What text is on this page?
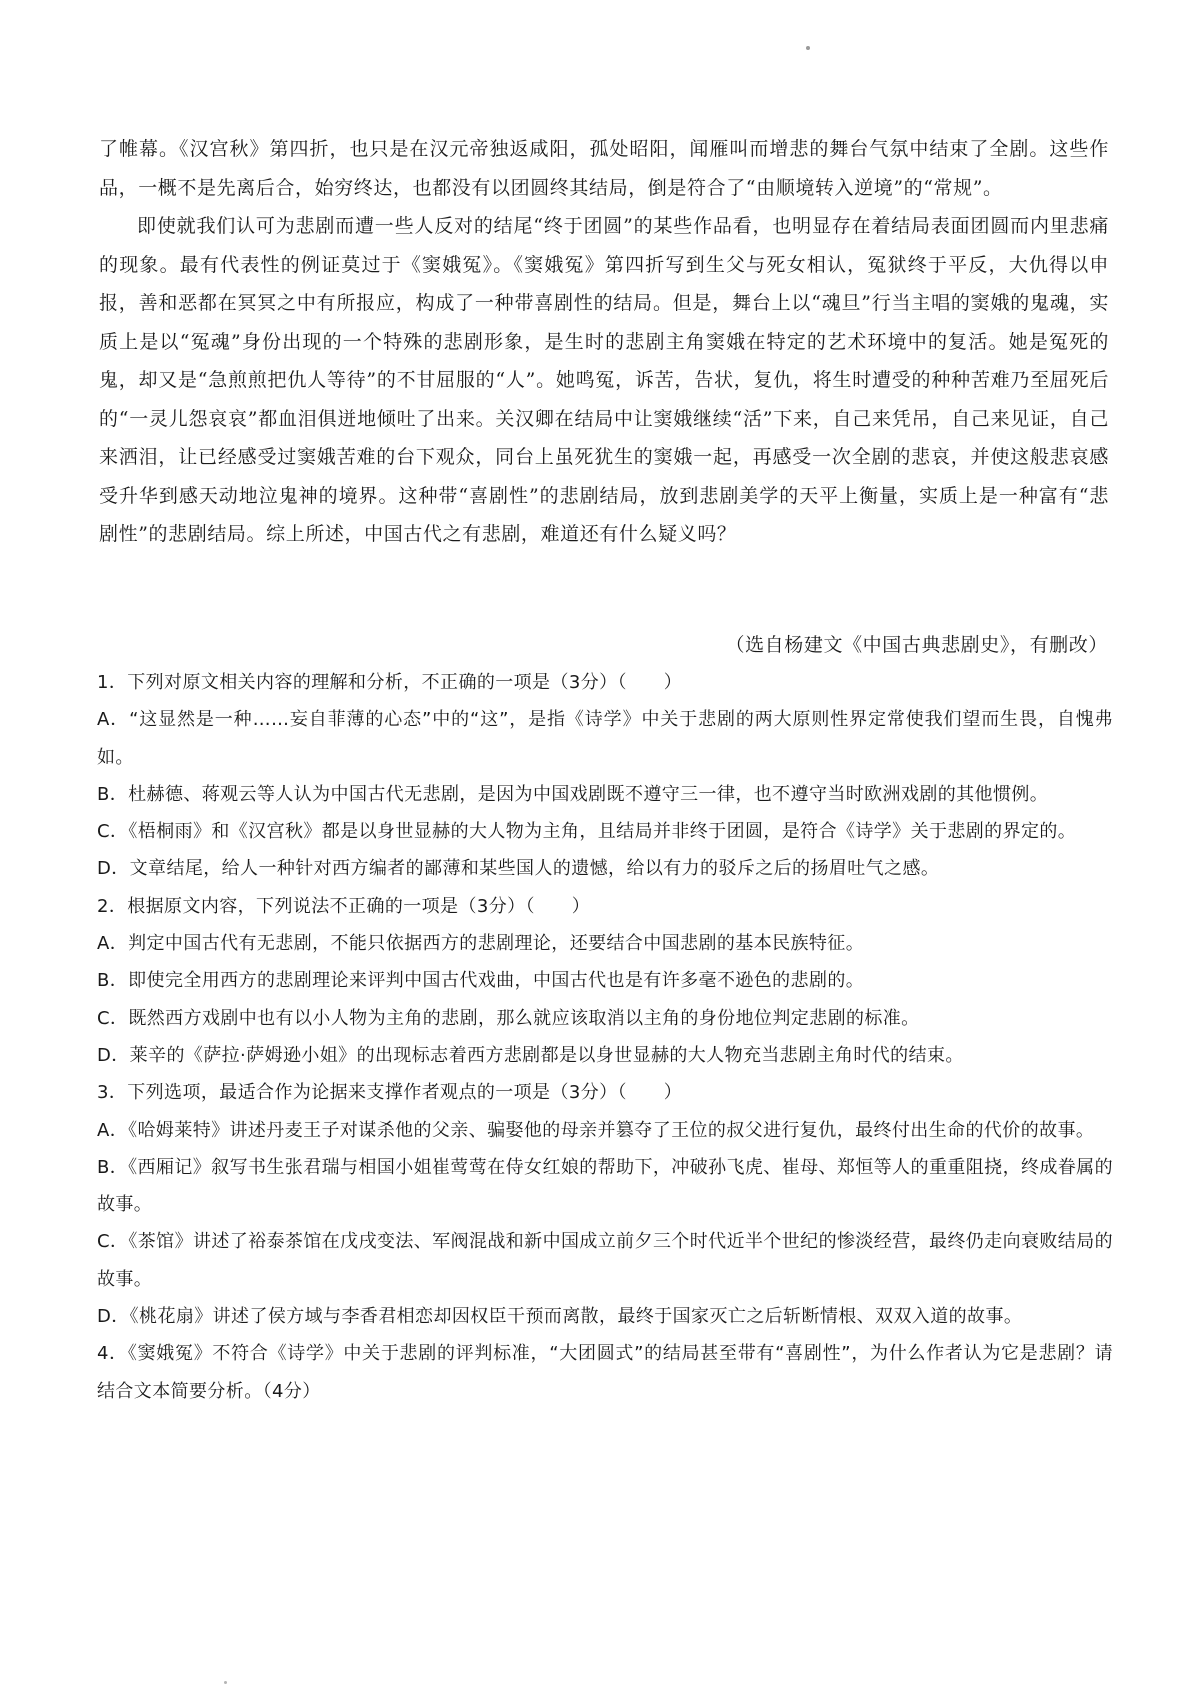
了帷幕。《汉宫秋》第四折，也只是在汉元帝独返咸阳，孤处昭阳，闻雁叫而增悲的舞台气氛中结束了全剧。这些作品，一概不是先离后合，始穷终达，也都没有以团圆终其结局，倒是符合了“由顺境转入逆境”的“常规”。

即使就我们认可为悲剧而遭一些人反对的结尾“终于团圆”的某些作品看，也明显存在着结局表面团圆而内里悲痛的现象。最有代表性的例证莫过于《窦娥冤》。《窦娥冤》第四折写到生父与死女相认，冤狱终于平反，大仇得以申报，善和恶都在冥冥之中有所报应，构成了一种带喜剧性的结局。但是，舞台上以“魂旦”行当主唱的窦娥的鬼魂，实质上是以“冤魂”身份出现的一个特殊的悲剧形象，是生时的悲剧主角窦娥在特定的艺术环境中的复活。她是冤死的鬼，却又是“急煎煎把仇人等待”的不甘屈服的“人”。她鸣冤，诉苦，告状，复仇，将生时遭受的种种苦难乃至屈死后的“一灵儿怨哀哀”都血泪俱迸地倾吐了出来。关汉卿在结局中让窦娥继续“活”下来，自己来凭吊，自己来见证，自己来洒泪，让已经感受过窦娥苦难的台下观众，同台上虽死犹生的窦娥一起，再感受一次全剧的悲哀，并使这般悲哀感受升华到感天动地泣鬼神的境界。这种带“喜剧性”的悲剧结局，放到悲剧美学的天平上衡量，实质上是一种富有“悲剧性”的悲剧结局。综上所述，中国古代之有悲剧，难道还有什么疑义吗？

（选自杨建文《中国古典悲剧史》，有删改）

1．下列对原文相关内容的理解和分析，不正确的一项是（3分）（　　）

A．“这显然是一种……妄自菲薄的心态”中的“这”，是指《诗学》中关于悲剧的两大原则性界定常使我们望而生畏，自愧弗如。

B．杜赫德、蒋观云等人认为中国古代无悲剧，是因为中国戏剧既不遵守三一律，也不遵守当时欧洲戏剧的其他惯例。

C．《梧桐雨》和《汉宫秋》都是以身世显赫的大人物为主角，且结局并非终于团圆，是符合《诗学》关于悲剧的界定的。

D．文章结尾，给人一种针对西方编者的鄙薄和某些国人的遗憾，给以有力的驳斥之后的扬眉吐气之感。

2．根据原文内容，下列说法不正确的一项是（3分）（　　）

A．判定中国古代有无悲剧，不能只依据西方的悲剧理论，还要结合中国悲剧的基本民族特征。

B．即使完全用西方的悲剧理论来评判中国古代戏曲，中国古代也是有许多毫不逊色的悲剧的。

C．既然西方戏剧中也有以小人物为主角的悲剧，那么就应该取消以主角的身份地位判定悲剧的标准。

D．莱辛的《萨拉·萨姆逊小姐》的出现标志着西方悲剧都是以身世显赫的大人物充当悲剧主角时代的结束。

3．下列选项，最适合作为论据来支撑作者观点的一项是（3分）（　　）

A．《哈姆莱特》讲述丹麦王子对谋杀他的父亲、骗娶他的母亲并篡夺了王位的叔父进行复仇，最终付出生命的代价的故事。

B．《西厢记》叙写书生张君瑞与相国小姐崔莺莺在侍女红娘的帮助下，冲破孙飞虎、崔母、郑恒等人的重重阻挠，终成眷属的故事。

C．《茶馆》讲述了裕泰茶馆在戊戌变法、军阀混战和新中国成立前夕三个时代近半个世纪的惨淡经营，最终仍走向衰败结局的故事。

D．《桃花扇》讲述了侯方域与李香君相恋却因权臣干预而离散，最终于国家灭亡之后斩断情根、双双入道的故事。

4．《窦娥冤》不符合《诗学》中关于悲剧的评判标准，“大团圆式”的结局甚至带有“喜剧性”，为什么作者认为它是悲剧？请结合文本简要分析。（4分）
